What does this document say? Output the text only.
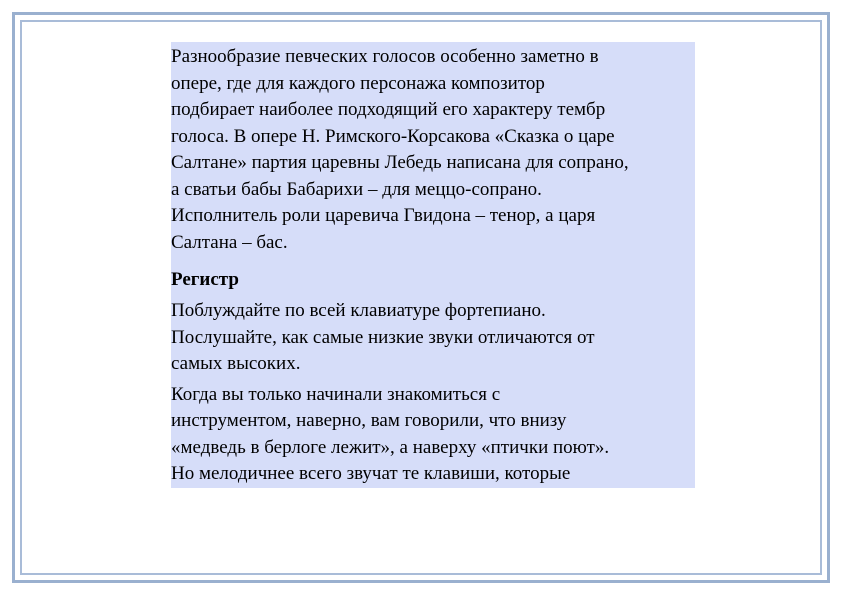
Разнообразие певческих голосов особенно заметно в
опере, где для каждого персонажа композитор
подбирает наиболее подходящий его характеру тембр
голоса. В опере Н. Римского-Корсакова «Сказка о царе
Салтане» партия царевны Лебедь написана для сопрано,
а сватьи бабы Бабарихи – для меццо-сопрано.
Исполнитель роли царевича Гвидона – тенор, а царя
Салтана – бас.
Регистр
Поблуждайте по всей клавиатуре фортепиано.
Послушайте, как самые низкие звуки отличаются от
самых высоких.
Когда вы только начинали знакомиться с
инструментом, наверно, вам говорили, что внизу
«медведь в берлоге лежит», а наверху «птички поют».
Но мелодичнее всего звучат те клавиши, которые
